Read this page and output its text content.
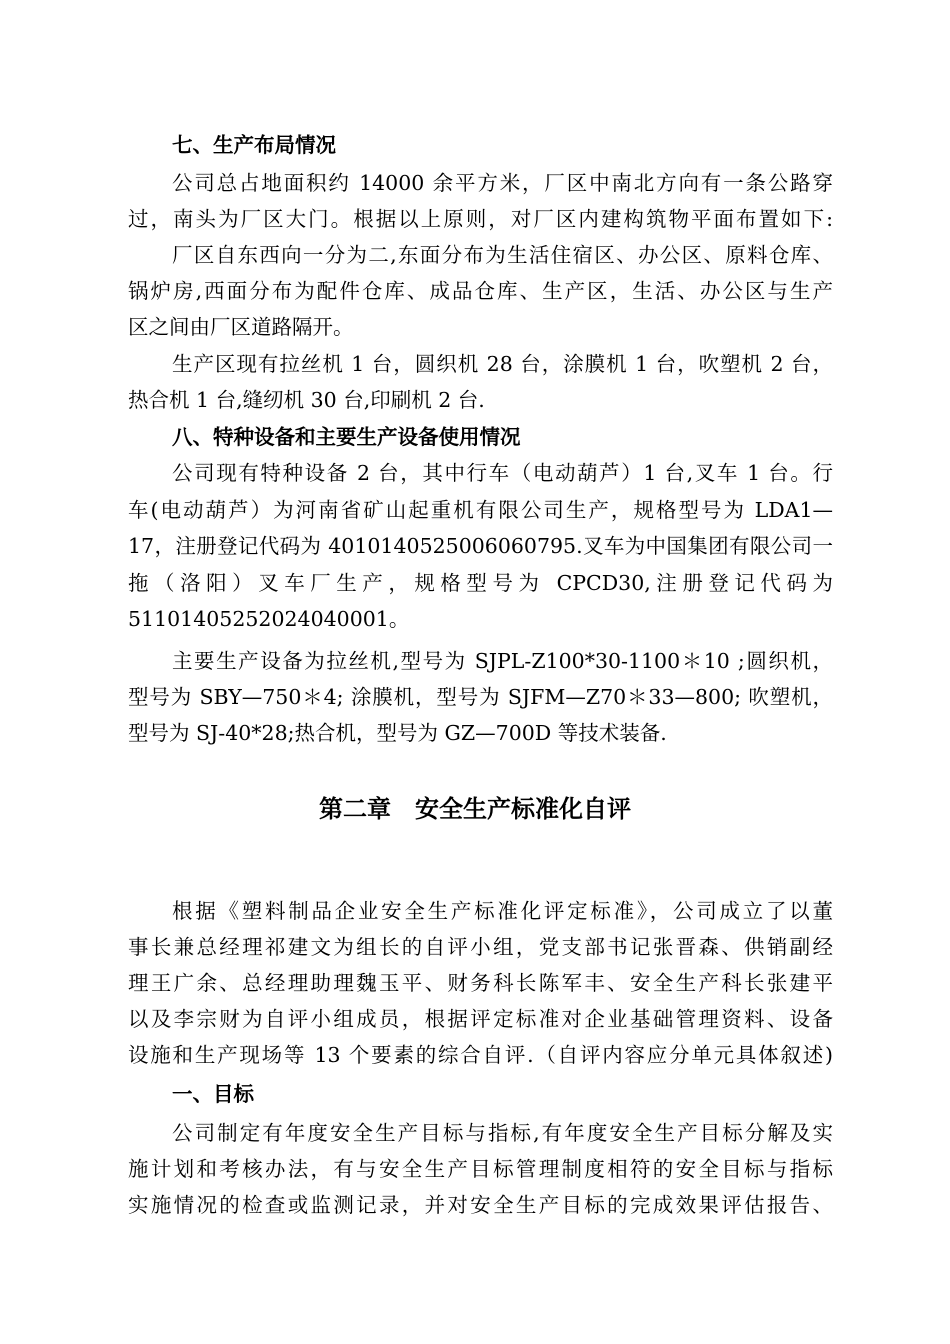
七、生产布局情况
公司总占地面积约 14000 余平方米，厂区中南北方向有一条公路穿
过，南头为厂区大门。根据以上原则，对厂区内建构筑物平面布置如下:
厂区自东西向一分为二,东面分布为生活住宿区、办公区、原料仓库、
锅炉房,西面分布为配件仓库、成品仓库、生产区，生活、办公区与生产
区之间由厂区道路隔开。
生产区现有拉丝机 1 台，圆织机 28 台，涂膜机 1 台，吹塑机 2 台，
热合机 1 台,缝纫机 30 台,印刷机 2 台.
八、特种设备和主要生产设备使用情况
公司现有特种设备 2 台，其中行车（电动葫芦）1 台,叉车 1 台。行
车(电动葫芦）为河南省矿山起重机有限公司生产，规格型号为 LDA1—
17，注册登记代码为 4010140525006060795.叉车为中国集团有限公司一
拖（洛阳）叉车厂生产，规格型号为 CPCD30,注册登记代码为
51101405252024040001。
主要生产设备为拉丝机,型号为 SJPL-Z100*30-1100＊10 ;圆织机，
型号为 SBY—750＊4; 涂膜机，型号为 SJFM—Z70＊33—800; 吹塑机，
型号为 SJ-40*28;热合机，型号为 GZ—700D 等技术装备.
第二章　安全生产标准化自评
根据《塑料制品企业安全生产标准化评定标准》，公司成立了以董
事长兼总经理祁建文为组长的自评小组，党支部书记张晋森、供销副经
理王广余、总经理助理魏玉平、财务科长陈军丰、安全生产科长张建平
以及李宗财为自评小组成员，根据评定标准对企业基础管理资料、设备
设施和生产现场等 13 个要素的综合自评.（自评内容应分单元具体叙述)
一、目标
公司制定有年度安全生产目标与指标,有年度安全生产目标分解及实
施计划和考核办法，有与安全生产目标管理制度相符的安全目标与指标
实施情况的检查或监测记录，并对安全生产目标的完成效果评估报告、
